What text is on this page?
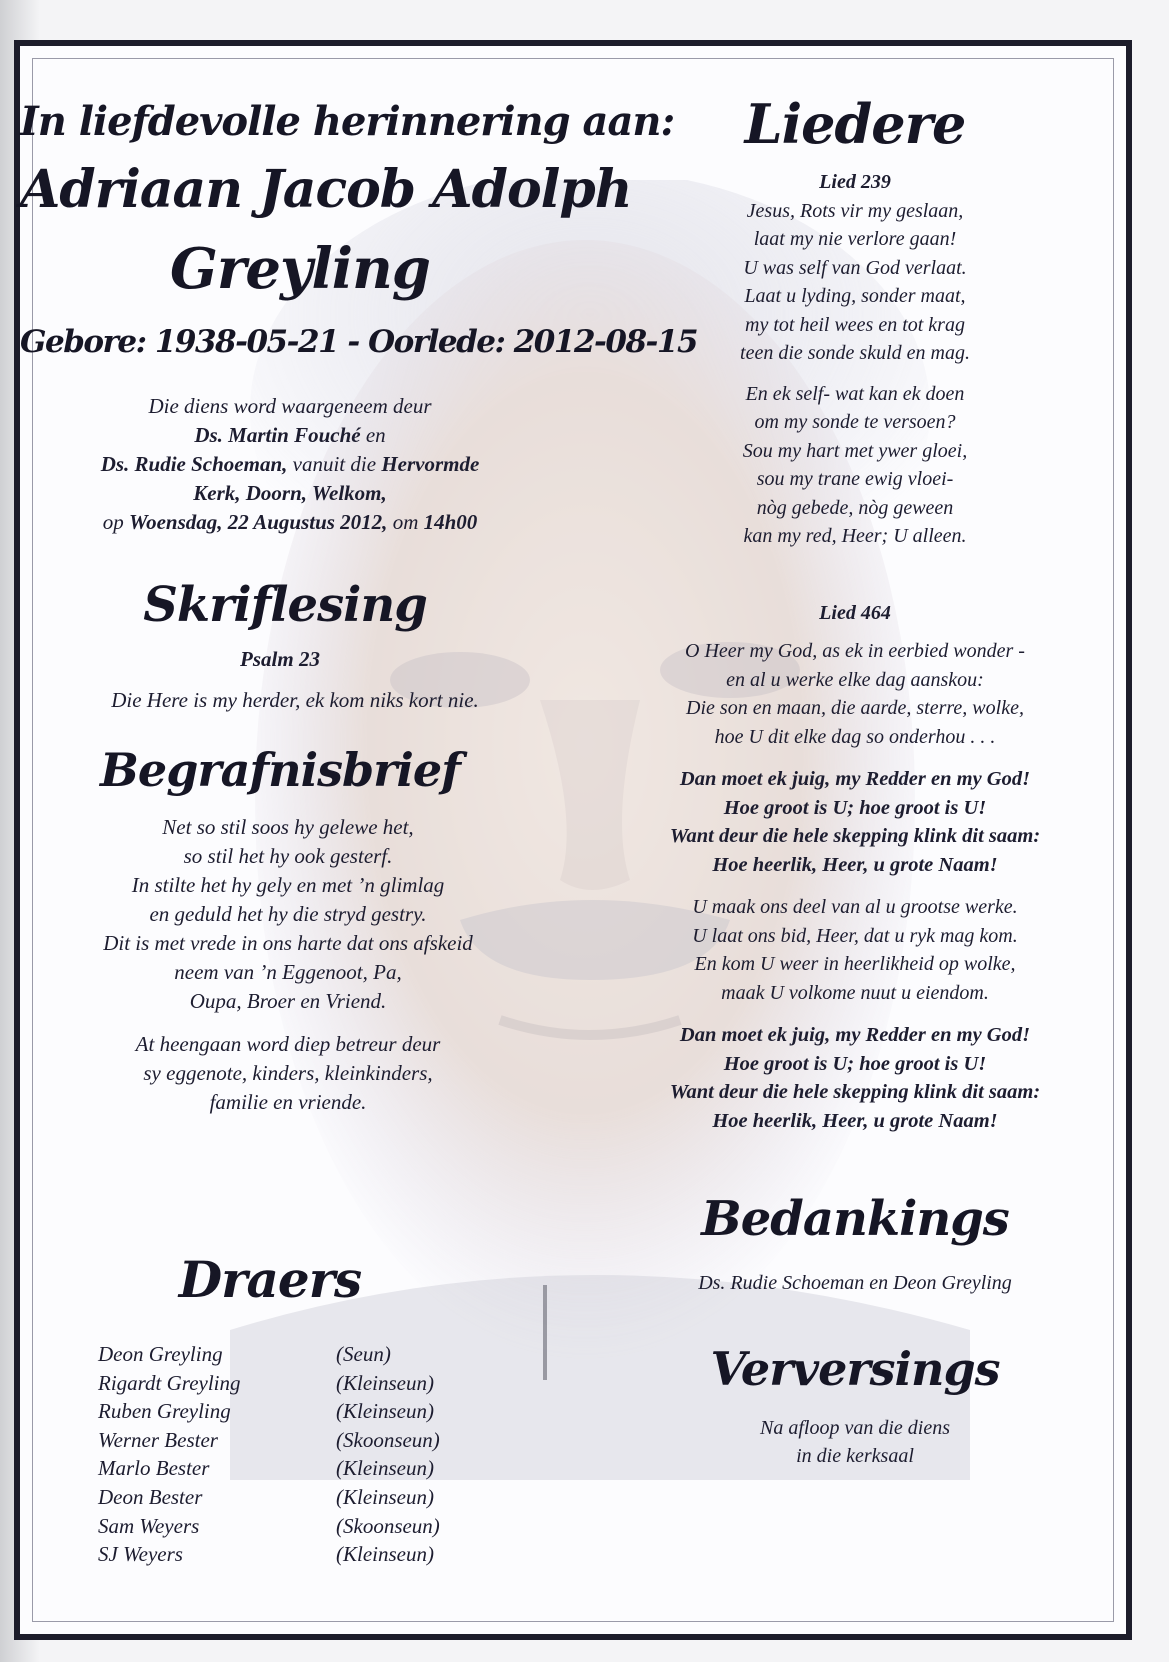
In liefdevolle herinnering aan:
Adriaan Jacob Adolph
Greyling
Gebore: 1938-05-21 - Oorlede: 2012-08-15
Die diens word waargeneem deur
Ds. Martin Fouché en
Ds. Rudie Schoeman, vanuit die Hervormde
Kerk, Doorn, Welkom,
op Woensdag, 22 Augustus 2012, om 14h00
Skriflesing
Psalm 23
Die Here is my herder, ek kom niks kort nie.
Begrafnisbrief
Net so stil soos hy gelewe het,
so stil het hy ook gesterf.
In stilte het hy gely en met ’n glimlag
en geduld het hy die stryd gestry.
Dit is met vrede in ons harte dat ons afskeid
neem van ’n Eggenoot, Pa,
Oupa, Broer en Vriend.
At heengaan word diep betreur deur
sy eggenote, kinders, kleinkinders,
familie en vriende.
Draers
Deon Greyling	(Seun)
Rigardt Greyling	(Kleinseun)
Ruben Greyling	(Kleinseun)
Werner Bester	(Skoonseun)
Marlo Bester	(Kleinseun)
Deon Bester	(Kleinseun)
Sam Weyers	(Skoonseun)
SJ Weyers	(Kleinseun)
Liedere
Lied 239
Jesus, Rots vir my geslaan,
laat my nie verlore gaan!
U was self van God verlaat.
Laat u lyding, sonder maat,
my tot heil wees en tot krag
teen die sonde skuld en mag.
En ek self- wat kan ek doen
om my sonde te versoen?
Sou my hart met ywer gloei,
sou my trane ewig vloei-
nòg gebede, nòg geween
kan my red, Heer; U alleen.
Lied 464
O Heer my God, as ek in eerbied wonder -
en al u werke elke dag aanskou:
Die son en maan, die aarde, sterre, wolke,
hoe U dit elke dag so onderhou . . .
Dan moet ek juig, my Redder en my God!
Hoe groot is U; hoe groot is U!
Want deur die hele skepping klink dit saam:
Hoe heerlik, Heer, u grote Naam!
U maak ons deel van al u grootse werke.
U laat ons bid, Heer, dat u ryk mag kom.
En kom U weer in heerlikheid op wolke,
maak U volkome nuut u eiendom.
Dan moet ek juig, my Redder en my God!
Hoe groot is U; hoe groot is U!
Want deur die hele skepping klink dit saam:
Hoe heerlik, Heer, u grote Naam!
Bedankings
Ds. Rudie Schoeman en Deon Greyling
Verversings
Na afloop van die diens
in die kerksaal
